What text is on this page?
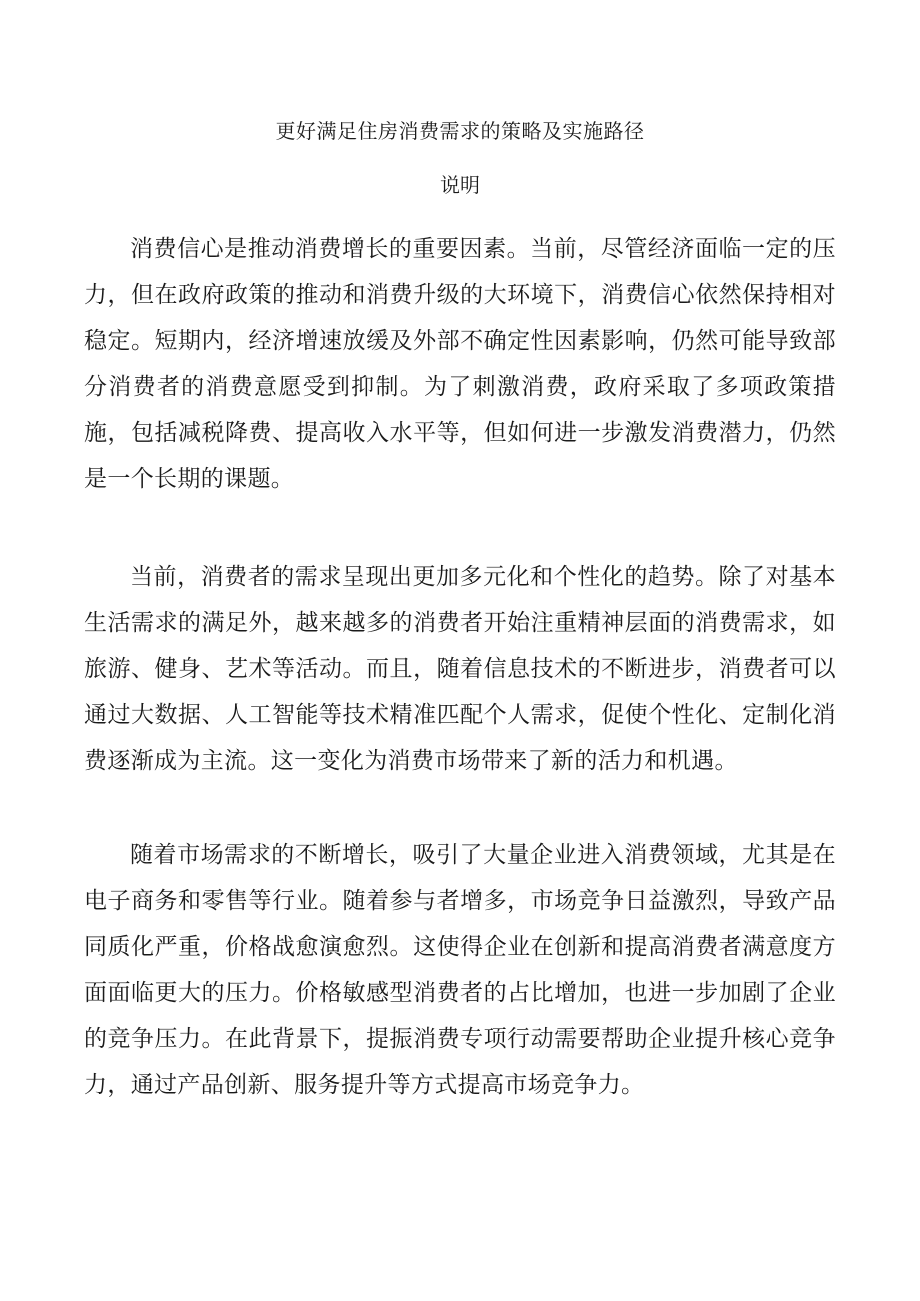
更好满足住房消费需求的策略及实施路径
说明

消费信心是推动消费增长的重要因素。当前，尽管经济面临一定的压力，但在政府政策的推动和消费升级的大环境下，消费信心依然保持相对稳定。短期内，经济增速放缓及外部不确定性因素影响，仍然可能导致部分消费者的消费意愿受到抑制。为了刺激消费，政府采取了多项政策措施，包括减税降费、提高收入水平等，但如何进一步激发消费潜力，仍然是一个长期的课题。

当前，消费者的需求呈现出更加多元化和个性化的趋势。除了对基本生活需求的满足外，越来越多的消费者开始注重精神层面的消费需求，如旅游、健身、艺术等活动。而且，随着信息技术的不断进步，消费者可以通过大数据、人工智能等技术精准匹配个人需求，促使个性化、定制化消费逐渐成为主流。这一变化为消费市场带来了新的活力和机遇。

随着市场需求的不断增长，吸引了大量企业进入消费领域，尤其是在电子商务和零售等行业。随着参与者增多，市场竞争日益激烈，导致产品同质化严重，价格战愈演愈烈。这使得企业在创新和提高消费者满意度方面面临更大的压力。价格敏感型消费者的占比增加，也进一步加剧了企业的竞争压力。在此背景下，提振消费专项行动需要帮助企业提升核心竞争力，通过产品创新、服务提升等方式提高市场竞争力。
